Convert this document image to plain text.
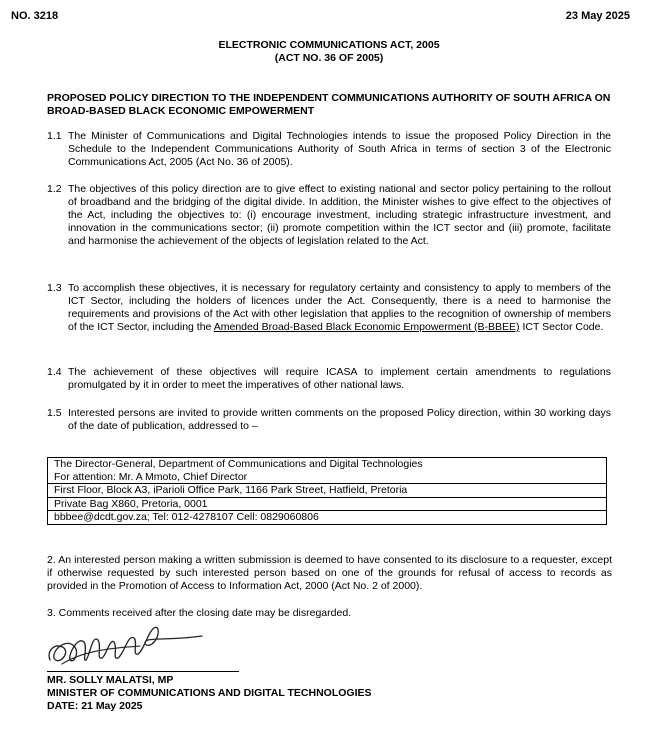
NO. 3218	23 May 2025
ELECTRONIC COMMUNICATIONS ACT, 2005
(ACT NO. 36 OF 2005)
PROPOSED POLICY DIRECTION TO THE INDEPENDENT COMMUNICATIONS AUTHORITY OF SOUTH AFRICA ON BROAD-BASED BLACK ECONOMIC EMPOWERMENT
1.1 The Minister of Communications and Digital Technologies intends to issue the proposed Policy Direction in the Schedule to the Independent Communications Authority of South Africa in terms of section 3 of the Electronic Communications Act, 2005 (Act No. 36 of 2005).
1.2 The objectives of this policy direction are to give effect to existing national and sector policy pertaining to the rollout of broadband and the bridging of the digital divide. In addition, the Minister wishes to give effect to the objectives of the Act, including the objectives to: (i) encourage investment, including strategic infrastructure investment, and innovation in the communications sector; (ii) promote competition within the ICT sector and (iii) promote, facilitate and harmonise the achievement of the objects of legislation related to the Act.
1.3 To accomplish these objectives, it is necessary for regulatory certainty and consistency to apply to members of the ICT Sector, including the holders of licences under the Act. Consequently, there is a need to harmonise the requirements and provisions of the Act with other legislation that applies to the recognition of ownership of members of the ICT Sector, including the Amended Broad-Based Black Economic Empowerment (B-BBEE) ICT Sector Code.
1.4 The achievement of these objectives will require ICASA to implement certain amendments to regulations promulgated by it in order to meet the imperatives of other national laws.
1.5 Interested persons are invited to provide written comments on the proposed Policy direction, within 30 working days of the date of publication, addressed to –
The Director-General, Department of Communications and Digital Technologies
For attention: Mr. A Mmoto, Chief Director
First Floor, Block A3, iParioli Office Park, 1166 Park Street, Hatfield, Pretoria
Private Bag X860, Pretoria, 0001
bbbee@dcdt.gov.za; Tel: 012-4278107 Cell: 0829060806
2. An interested person making a written submission is deemed to have consented to its disclosure to a requester, except if otherwise requested by such interested person based on one of the grounds for refusal of access to records as provided in the Promotion of Access to Information Act, 2000 (Act No. 2 of 2000).
3. Comments received after the closing date may be disregarded.
MR. SOLLY MALATSI, MP
MINISTER OF COMMUNICATIONS AND DIGITAL TECHNOLOGIES
DATE: 21 May 2025
